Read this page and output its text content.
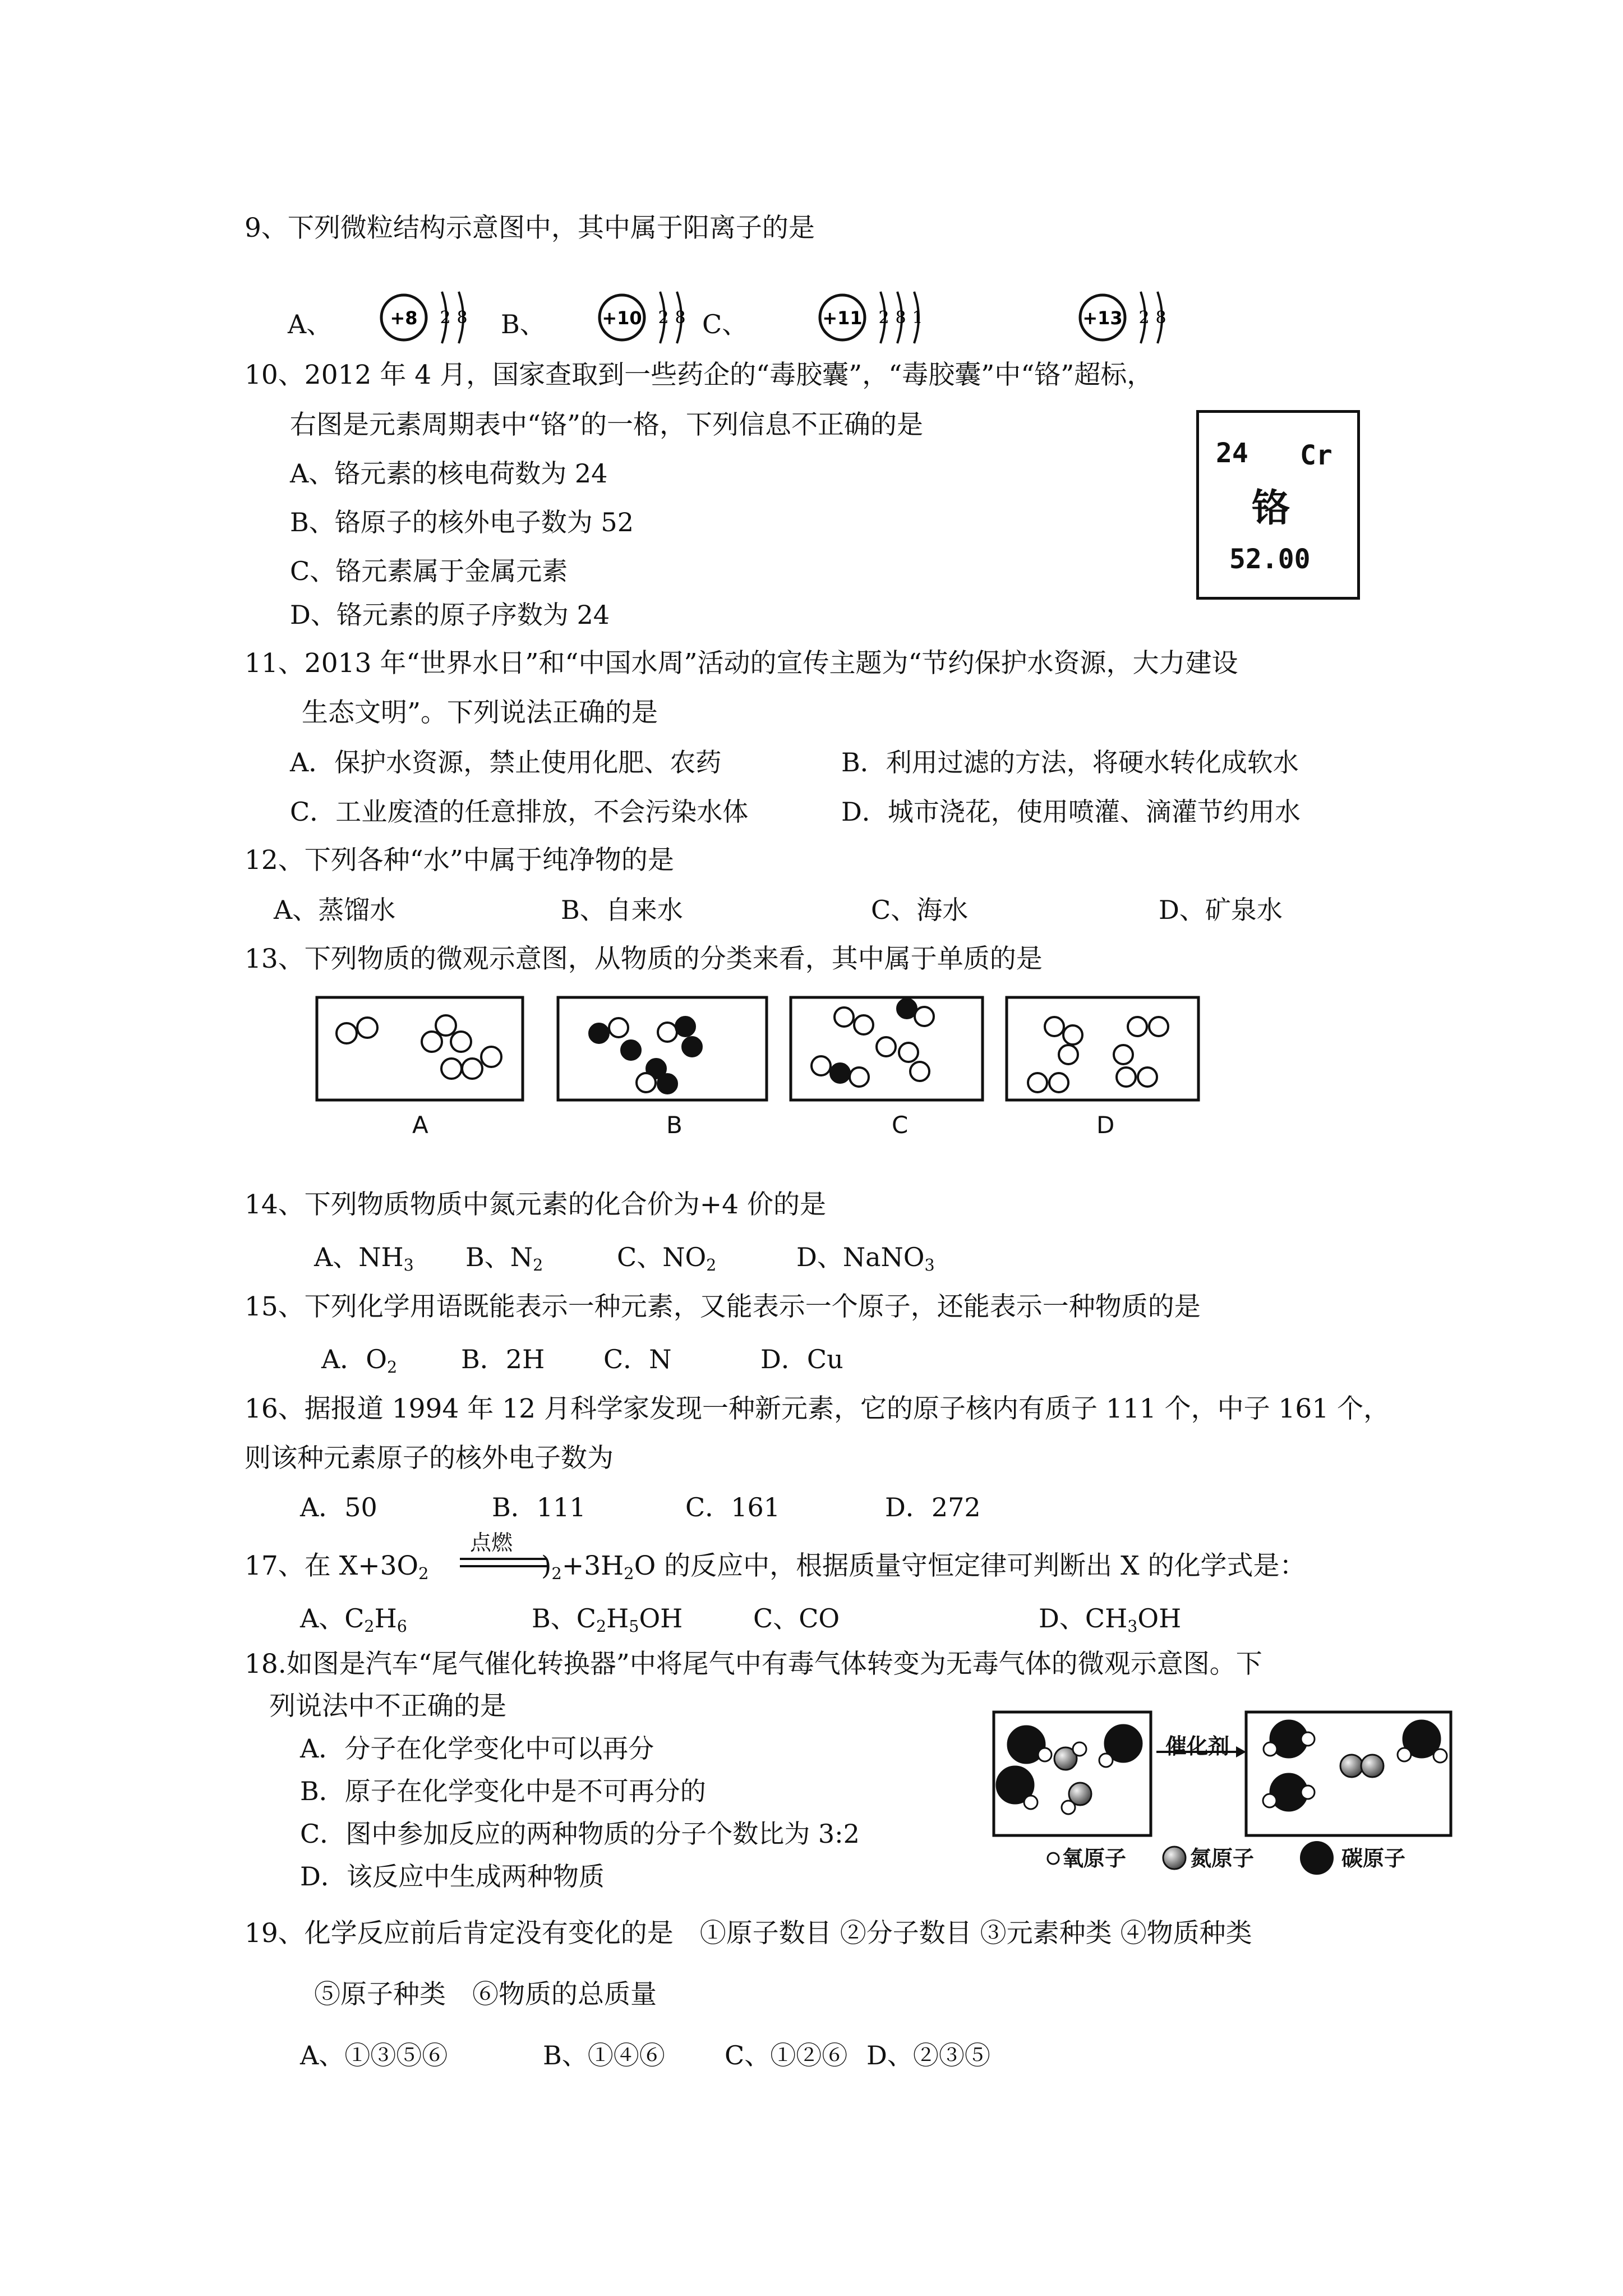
9、下列微粒结构示意图中，其中属于阳离子的是
A、	B、	C、
+8 2 8	+10 2 8	+11 2 8 1	+13 2 8
10、2012 年 4 月，国家查取到一些药企的“毒胶囊”，“毒胶囊”中“铬”超标，
右图是元素周期表中“铬”的一格，下列信息不正确的是
A、铬元素的核电荷数为 24
B、铬原子的核外电子数为 52
C、铬元素属于金属元素
D、铬元素的原子序数为 24
24 Cr
铬
52.00
11、2013 年“世界水日”和“中国水周”活动的宣传主题为“节约保护水资源，大力建设
生态文明”。下列说法正确的是
A．保护水资源，禁止使用化肥、农药	B．利用过滤的方法，将硬水转化成软水
C．工业废渣的任意排放，不会污染水体	D．城市浇花，使用喷灌、滴灌节约用水
12、下列各种“水”中属于纯净物的是
A、蒸馏水	B、自来水	C、海水	D、矿泉水
13、下列物质的微观示意图，从物质的分类来看，其中属于单质的是
A	B	C	D
14、下列物质物质中氮元素的化合价为+4 价的是
A、$NH_3$ B、$N_2$	C、$NO_2$	D、NaNO$_3$
15、下列化学用语既能表示一种元素，又能表示一个原子，还能表示一种物质的是
A．$O_2$ B．2H C．N	D．Cu
16、据报道 1994 年 12 月科学家发现一种新元素，它的原子核内有质子 111 个，中子 161 个，
则该种元素原子的核外电子数为
A．50	B．111	C．161	D．272
17、在 $X+3O_2$
点燃
)$_2+3H_2O$ 的反应中，根据质量守恒定律可判断出 X 的化学式是：
A、$C_2H_6$	B、$C_2H_5OH$	C、CO	D、$CH_3OH$
18.如图是汽车“尾气催化转换器”中将尾气中有毒气体转变为无毒气体的微观示意图。下
列说法中不正确的是
A．分子在化学变化中可以再分
B．原子在化学变化中是不可再分的
C．图中参加反应的两种物质的分子个数比为 3:2
D．该反应中生成两种物质
催化剂
氧原子	氮原子	碳原子
19、化学反应前后肯定没有变化的是　①原子数目 ②分子数目 ③元素种类 ④物质种类
⑤原子种类　⑥物质的总质量
A、①③⑤⑥	B、①④⑥ C、①②⑥ D、②③⑤
